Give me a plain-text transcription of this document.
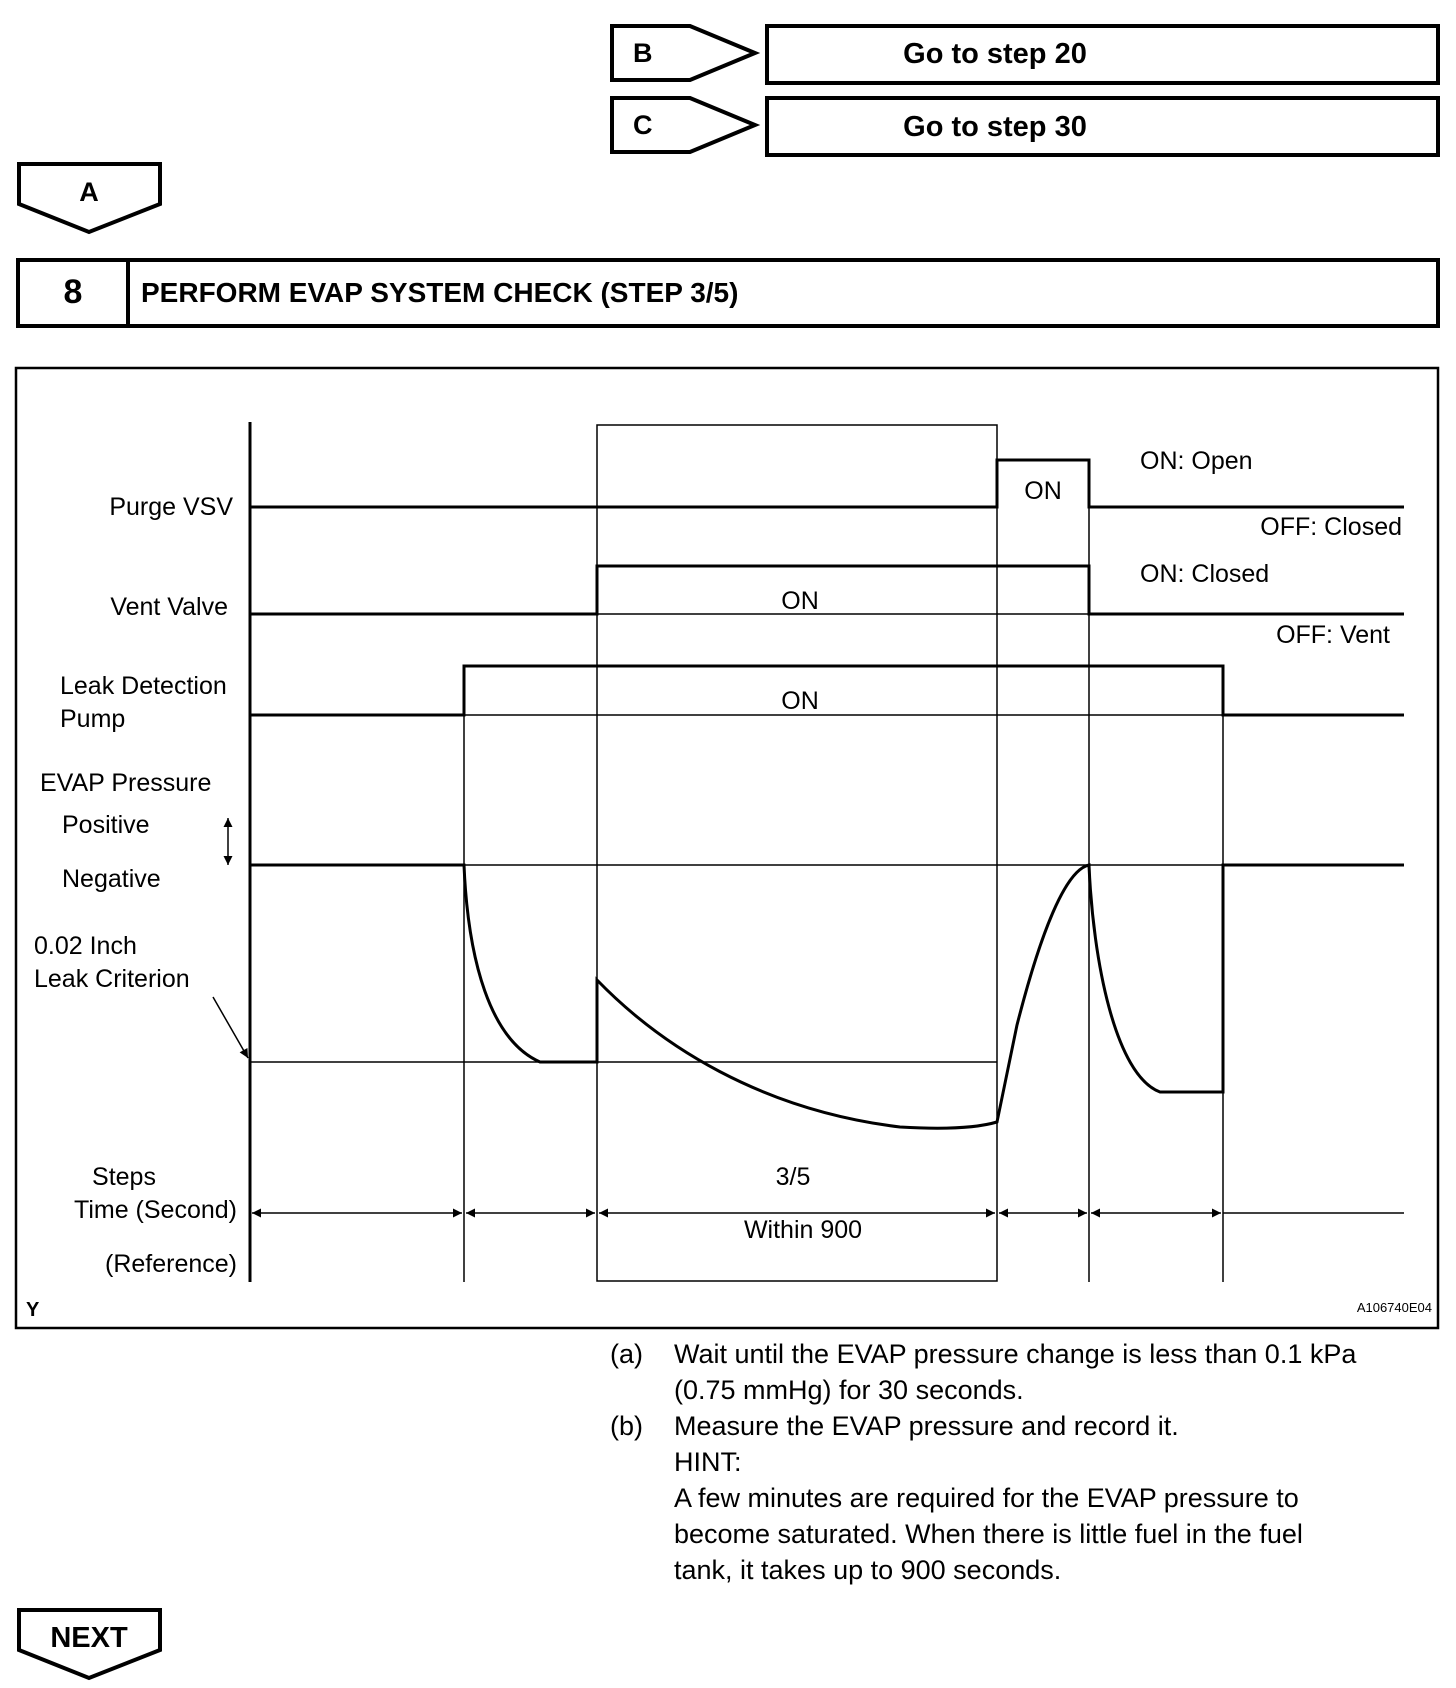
B	Go to step 20
C	Go to step 30
A
8 PERFORM EVAP SYSTEM CHECK (STEP 3/5)
Purge VSV
ON
ON: Open
OFF: Closed
Vent Valve	ON
ON: Closed
OFF: Vent
Leak Detection
Pump
ON
EVAP Pressure
Positive
Negative
0.02 Inch
Leak Criterion
Steps
Time (Second)
(Reference)
3/5
Within 900
Y	A106740E04
NEXT
(a)	Wait until the EVAP pressure change is less than 0.1 kPa
(0.75 mmHg) for 30 seconds.
(b)	Measure the EVAP pressure and record it.
HINT:
A few minutes are required for the EVAP pressure to
become saturated. When there is little fuel in the fuel
tank, it takes up to 900 seconds.
